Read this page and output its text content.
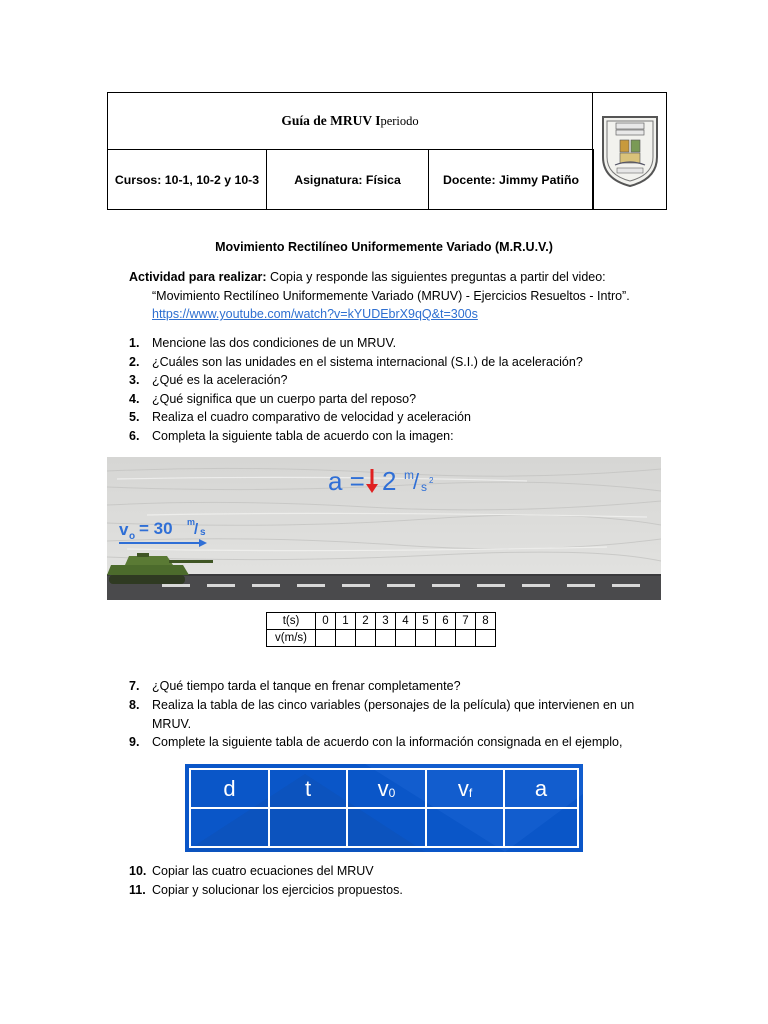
Guía de MRUV I periodo
Cursos: 10-1, 10-2 y 10-3	Asignatura: Física	Docente: Jimmy Patiño
Movimiento Rectilíneo Uniformemente Variado (M.R.U.V.)
Actividad para realizar: Copia y responde las siguientes preguntas a partir del video:
“Movimiento Rectilíneo Uniformemente Variado (MRUV) - Ejercicios Resueltos - Intro”.
https://www.youtube.com/watch?v=kYUDEbrX9qQ&t=300s
1.	Mencione las dos condiciones de un MRUV.
2.	¿Cuáles son las unidades en el sistema internacional (S.I.) de la aceleración?
3.	¿Qué es la aceleración?
4.	¿Qué significa que un cuerpo parta del reposo?
5.	Realiza el cuadro comparativo de velocidad y aceleración
6.	Completa la siguiente tabla de acuerdo con la imagen:
a = 2 m / s 2
v o = 30 m
/ s
t(s)	0	1	2	3	4	5	6	7	8
v(m/s)									
7.	¿Qué tiempo tarda el tanque en frenar completamente?
8.	Realiza la tabla de las cinco variables (personajes de la película) que intervienen en un MRUV.
9.	Complete la siguiente tabla de acuerdo con la información consignada en el ejemplo,
d	t	$v_0$	$v_f$	a
10. Copiar las cuatro ecuaciones del MRUV
11. Copiar y solucionar los ejercicios propuestos.
